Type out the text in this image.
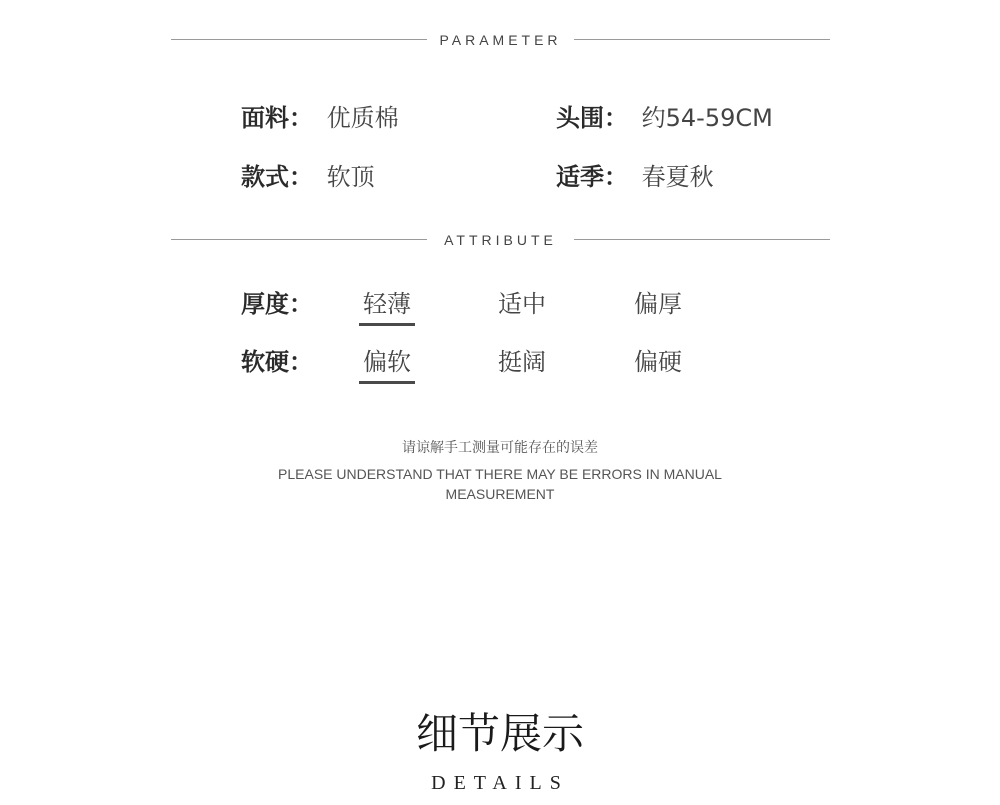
PARAMETER
面料： 优质棉	头围： 约54-59CM
款式： 软顶	适季： 春夏秋
ATTRIBUTE
厚度：	轻薄	适中	偏厚
软硬：	偏软	挺阔	偏硬
请谅解手工测量可能存在的误差
PLEASE UNDERSTAND THAT THERE MAY BE ERRORS IN MANUAL MEASUREMENT
细节展示
DETAILS
